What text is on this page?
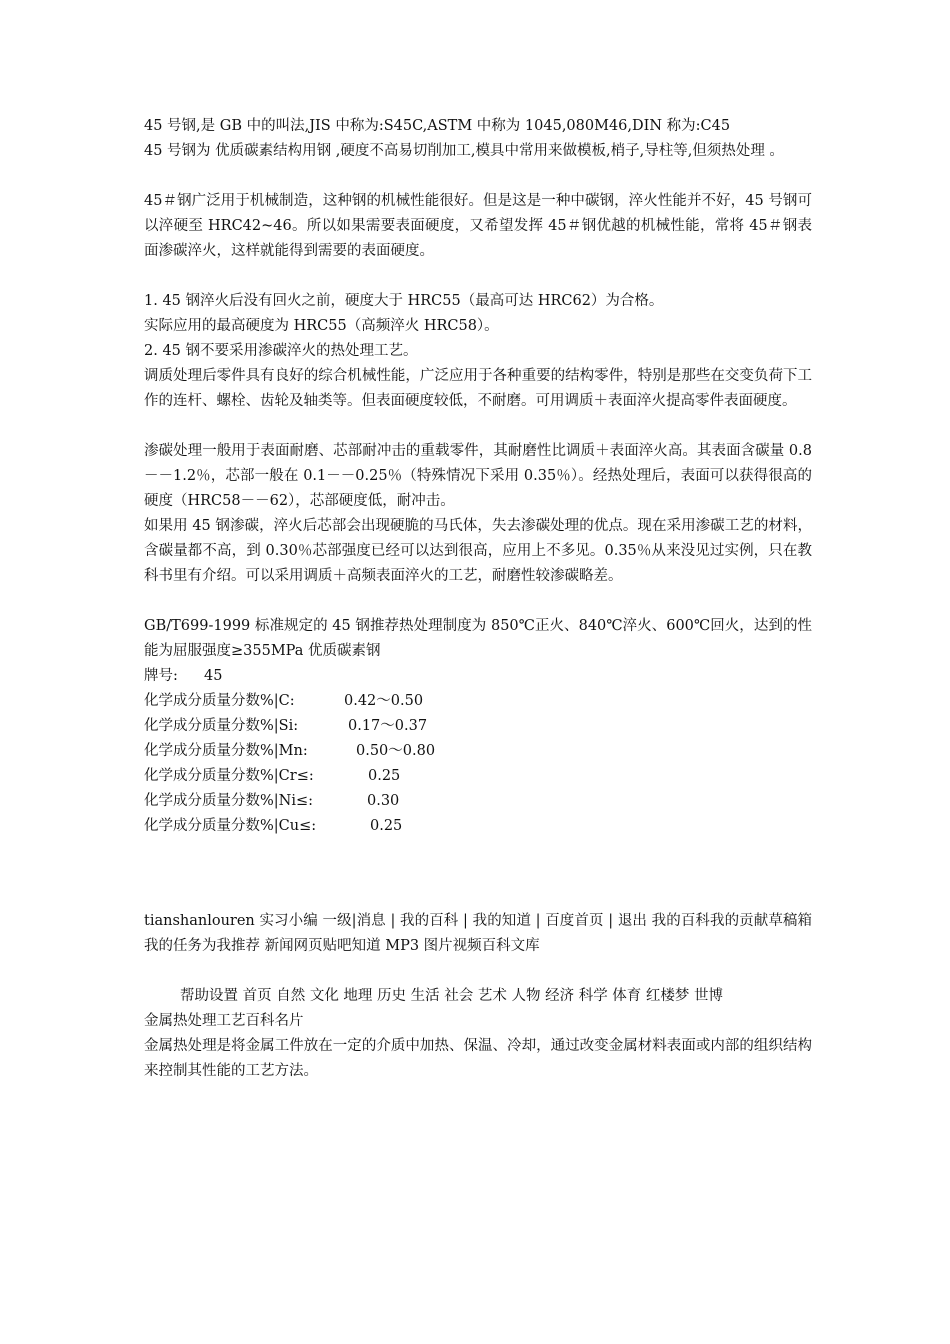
45 号钢,是 GB 中的叫法,JIS 中称为:S45C,ASTM 中称为 1045,080M46,DIN 称为:C45

45 号钢为 优质碳素结构用钢 ,硬度不高易切削加工,模具中常用来做模板,梢子,导柱等,但须热处理 。

45＃钢广泛用于机械制造，这种钢的机械性能很好。但是这是一种中碳钢，淬火性能并不好，45 号钢可以淬硬至 HRC42~46。所以如果需要表面硬度，又希望发挥 45＃钢优越的机械性能，常将 45＃钢表面渗碳淬火，这样就能得到需要的表面硬度。

1. 45 钢淬火后没有回火之前，硬度大于 HRC55（最高可达 HRC62）为合格。

实际应用的最高硬度为 HRC55（高频淬火 HRC58）。

2. 45 钢不要采用渗碳淬火的热处理工艺。

调质处理后零件具有良好的综合机械性能，广泛应用于各种重要的结构零件，特别是那些在交变负荷下工作的连杆、螺栓、齿轮及轴类等。但表面硬度较低，不耐磨。可用调质＋表面淬火提高零件表面硬度。

渗碳处理一般用于表面耐磨、芯部耐冲击的重载零件，其耐磨性比调质＋表面淬火高。其表面含碳量 0.8－－1.2％，芯部一般在 0.1－－0.25％（特殊情况下采用 0.35％）。经热处理后，表面可以获得很高的硬度（HRC58－－62），芯部硬度低，耐冲击。

如果用 45 钢渗碳，淬火后芯部会出现硬脆的马氏体，失去渗碳处理的优点。现在采用渗碳工艺的材料，含碳量都不高，到 0.30％芯部强度已经可以达到很高，应用上不多见。0.35％从来没见过实例，只在教科书里有介绍。可以采用调质＋高频表面淬火的工艺，耐磨性较渗碳略差。

GB/T699-1999 标准规定的 45 钢推荐热处理制度为 850℃正火、840℃淬火、600℃回火，达到的性能为屈服强度≥355MPa 优质碳素钢

牌号:	45
化学成分质量分数%|C:	0.42～0.50
化学成分质量分数%|Si:	0.17～0.37
化学成分质量分数%|Mn:	0.50～0.80
化学成分质量分数%|Cr≤:	0.25
化学成分质量分数%|Ni≤:	0.30
化学成分质量分数%|Cu≤:	0.25

tianshanlouren 实习小编 一级|消息 | 我的百科 | 我的知道 | 百度首页 | 退出 我的百科我的贡献草稿箱我的任务为我推荐 新闻网页贴吧知道 MP3 图片视频百科文库

帮助设置 首页 自然 文化 地理 历史 生活 社会 艺术 人物 经济 科学 体育 红楼梦 世博

金属热处理工艺百科名片

金属热处理是将金属工件放在一定的介质中加热、保温、冷却，通过改变金属材料表面或内部的组织结构来控制其性能的工艺方法。
